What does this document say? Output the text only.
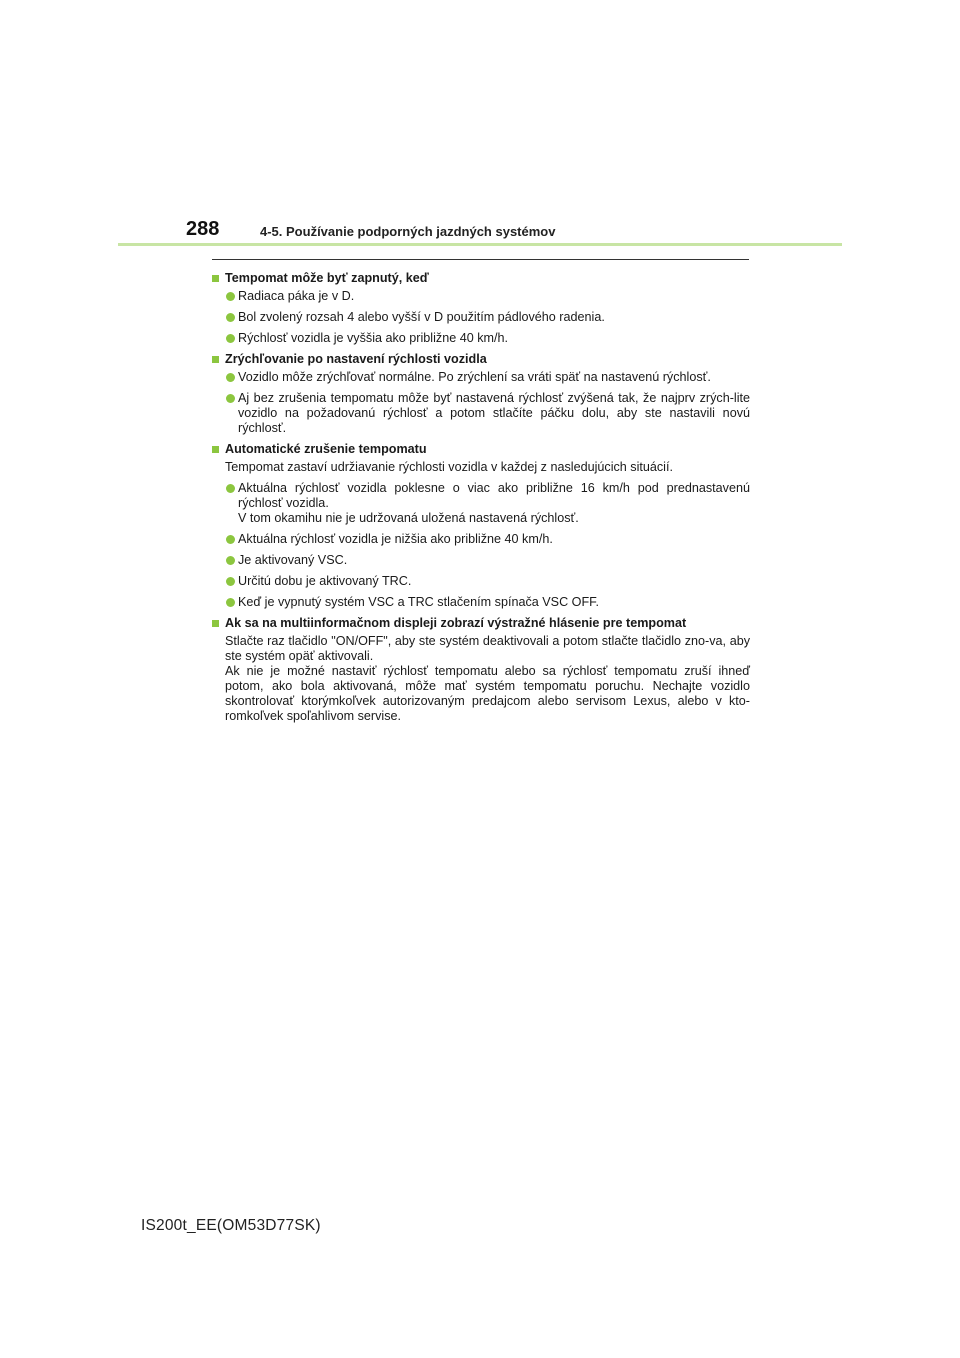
288	4-5. Používanie podporných jazdných systémov
Tempomat môže byť zapnutý, keď
Radiaca páka je v D.
Bol zvolený rozsah 4 alebo vyšší v D použitím pádlového radenia.
Rýchlosť vozidla je vyššia ako približne 40 km/h.
Zrýchľovanie po nastavení rýchlosti vozidla
Vozidlo môže zrýchľovať normálne. Po zrýchlení sa vráti späť na nastavenú rýchlosť.
Aj bez zrušenia tempomatu môže byť nastavená rýchlosť zvýšená tak, že najprv zrých-lite vozidlo na požadovanú rýchlosť a potom stlačíte páčku dolu, aby ste nastavili novú rýchlosť.
Automatické zrušenie tempomatu
Tempomat zastaví udržiavanie rýchlosti vozidla v každej z nasledujúcich situácií.
Aktuálna rýchlosť vozidla poklesne o viac ako približne 16 km/h pod prednastavenú rýchlosť vozidla.
V tom okamihu nie je udržovaná uložená nastavená rýchlosť.
Aktuálna rýchlosť vozidla je nižšia ako približne 40 km/h.
Je aktivovaný VSC.
Určitú dobu je aktivovaný TRC.
Keď je vypnutý systém VSC a TRC stlačením spínača VSC OFF.
Ak sa na multiinformačnom displeji zobrazí výstražné hlásenie pre tempomat
Stlačte raz tlačidlo "ON/OFF", aby ste systém deaktivovali a potom stlačte tlačidlo zno-va, aby ste systém opäť aktivovali.
Ak nie je možné nastaviť rýchlosť tempomatu alebo sa rýchlosť tempomatu zruší ihneď potom, ako bola aktivovaná, môže mať systém tempomatu poruchu. Nechajte vozidlo skontrolovať ktorýmkoľvek autorizovaným predajcom alebo servisom Lexus, alebo v kto-romkoľvek spoľahlivom servise.
IS200t_EE(OM53D77SK)
